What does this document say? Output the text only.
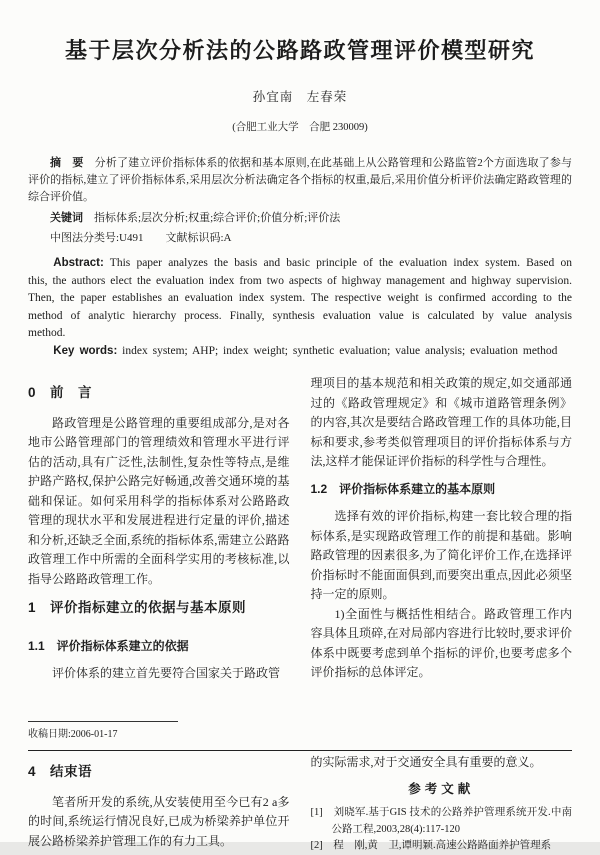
基于层次分析法的公路路政管理评价模型研究
孙宜南　左春荣
(合肥工业大学　合肥 230009)

摘　要　分析了建立评价指标体系的依据和基本原则,在此基础上从公路管理和公路监管2个方面选取了参与评价的指标,建立了评价指标体系,采用层次分析法确定各个指标的权重,最后,采用价值分析评价法确定路政管理的综合评价值。

关键词　指标体系;层次分析;权重;综合评价;价值分析;评价法

中图法分类号:U491 文献标识码:A

Abstract: This paper analyzes the basis and basic principle of the evaluation index system. Based on this, the authors elect the evaluation index from two aspects of highway management and highway supervision. Then, the paper establishes an evaluation index system. The respective weight is confirmed according to the method of analytic hierarchy process. Finally, synthesis evaluation value is calculated by value analysis method.

Key words: index system; AHP; index weight; synthetic evaluation; value analysis; evaluation method

0　前　言

路政管理是公路管理的重要组成部分,是对各地市公路管理部门的管理绩效和管理水平进行评估的活动,具有广泛性,法制性,复杂性等特点,是维护路产路权,保护公路完好畅通,改善交通环境的基础和保证。如何采用科学的指标体系对公路路政管理的现状水平和发展进程进行定量的评价,描述和分析,还缺乏全面,系统的指标体系,需建立公路路政管理工作中所需的全面科学实用的考核标准,以指导公路路政管理工作。

1　评价指标建立的依据与基本原则
1.1　评价指标体系建立的依据

评价体系的建立首先要符合国家关于路政管

收稿日期:2006-01-17

理项目的基本规范和相关政策的规定,如交通部通过的《路政管理规定》和《城市道路管理条例》的内容,其次是要结合路政管理工作的具体功能,目标和要求,参考类似管理项目的评价指标体系与方法,这样才能保证评价指标的科学性与合理性。

1.2　评价指标体系建立的基本原则

选择有效的评价指标,构建一套比较合理的指标体系,是实现路政管理工作的前提和基础。影响路政管理的因素很多,为了简化评价工作,在选择评价指标时不能面面俱到,而要突出重点,因此必须坚持一定的原则。

1)全面性与概括性相结合。路政管理工作内容具体且琐碎,在对局部内容进行比较时,要求评价体系中既要考虑到单个指标的评价,也要考虑多个评价指标的总体评定。

4　结束语

笔者所开发的系统,从安装使用至今已有2 a多的时间,系统运行情况良好,已成为桥梁养护单位开展公路桥梁养护管理工作的有力工具。

的实际需求,对于交通安全具有重要的意义。

参考文献

[1]　刘晓军.基于GIS 技术的公路养护管理系统开发.中南公路工程,2003,28(4):117-120

[2]　程　刚,黄　卫,谭明颖.高速公路路面养护管理系
